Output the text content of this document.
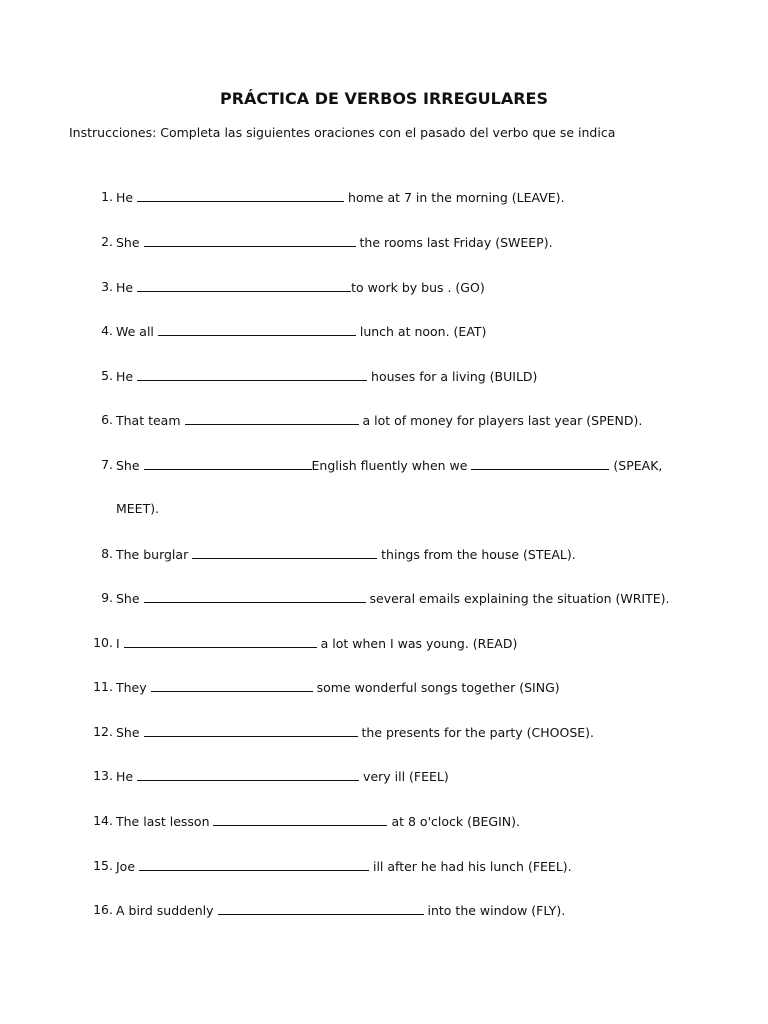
PRÁCTICA DE VERBOS IRREGULARES

Instrucciones: Completa las siguientes oraciones con el pasado del verbo que se indica

1. He	home at 7 in the morning (LEAVE).
2. She	the rooms last Friday (SWEEP).
3. He	to work by bus . (GO)
4. We all	lunch at noon. (EAT)
5. He	houses for a living (BUILD)
6. That team	a lot of money for players last year (SPEND).
7. She	English fluently when we	(SPEAK,
MEET).
8. The burglar	things from the house (STEAL).
9. She	several emails explaining the situation (WRITE).
10. I	a lot when I was young. (READ)
11. They	some wonderful songs together (SING)
12. She	the presents for the party (CHOOSE).
13. He	very ill (FEEL)
14. The last lesson	at 8 o'clock (BEGIN).
15. Joe	ill after he had his lunch (FEEL).
16. A bird suddenly	into the window (FLY).
